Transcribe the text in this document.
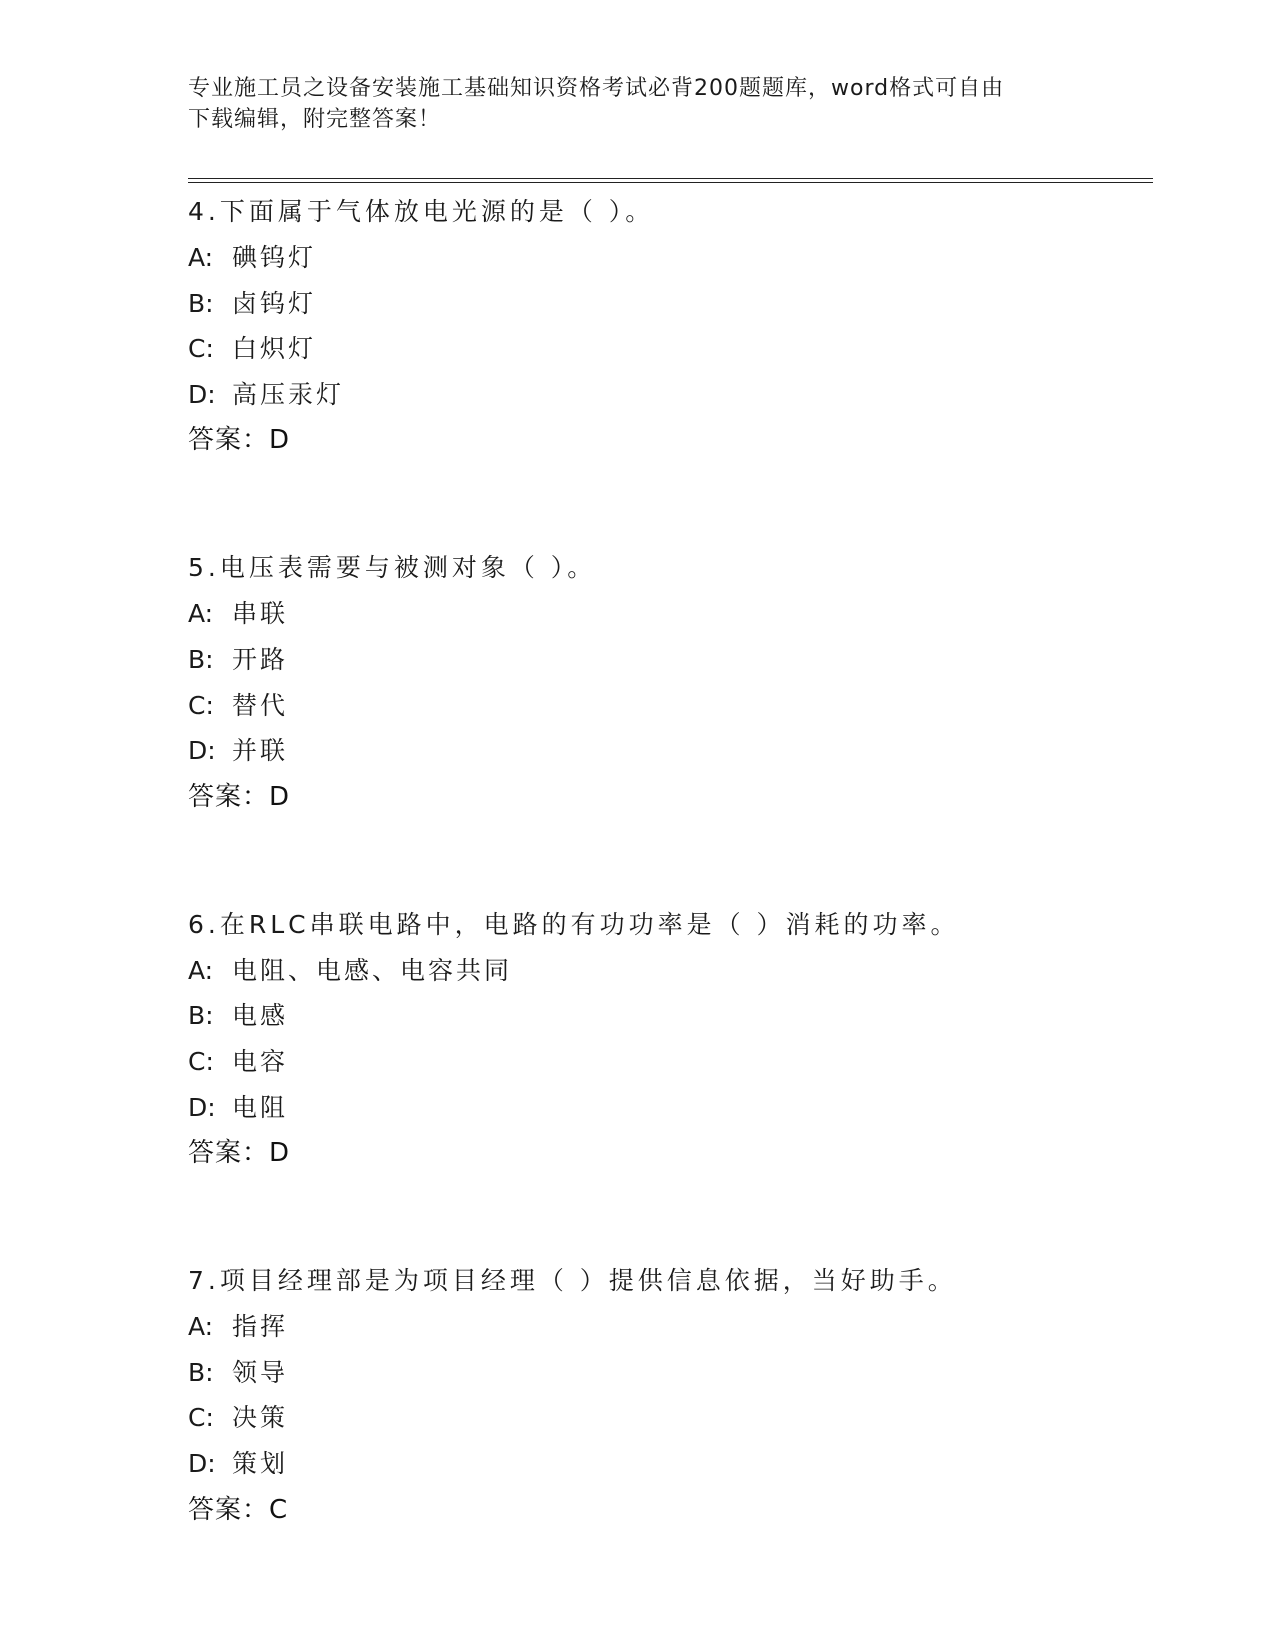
专业施工员之设备安装施工基础知识资格考试必背200题题库，word格式可自由
下载编辑，附完整答案！
4.下面属于气体放电光源的是（ ）。
A: 碘钨灯
B: 卤钨灯
C: 白炽灯
D: 高压汞灯
答案：D
5.电压表需要与被测对象（ ）。
A: 串联
B: 开路
C: 替代
D: 并联
答案：D
6.在RLC串联电路中，电路的有功功率是（ ）消耗的功率。
A: 电阻、电感、电容共同
B: 电感
C: 电容
D: 电阻
答案：D
7.项目经理部是为项目经理（ ）提供信息依据，当好助手。
A: 指挥
B: 领导
C: 决策
D: 策划
答案：C
